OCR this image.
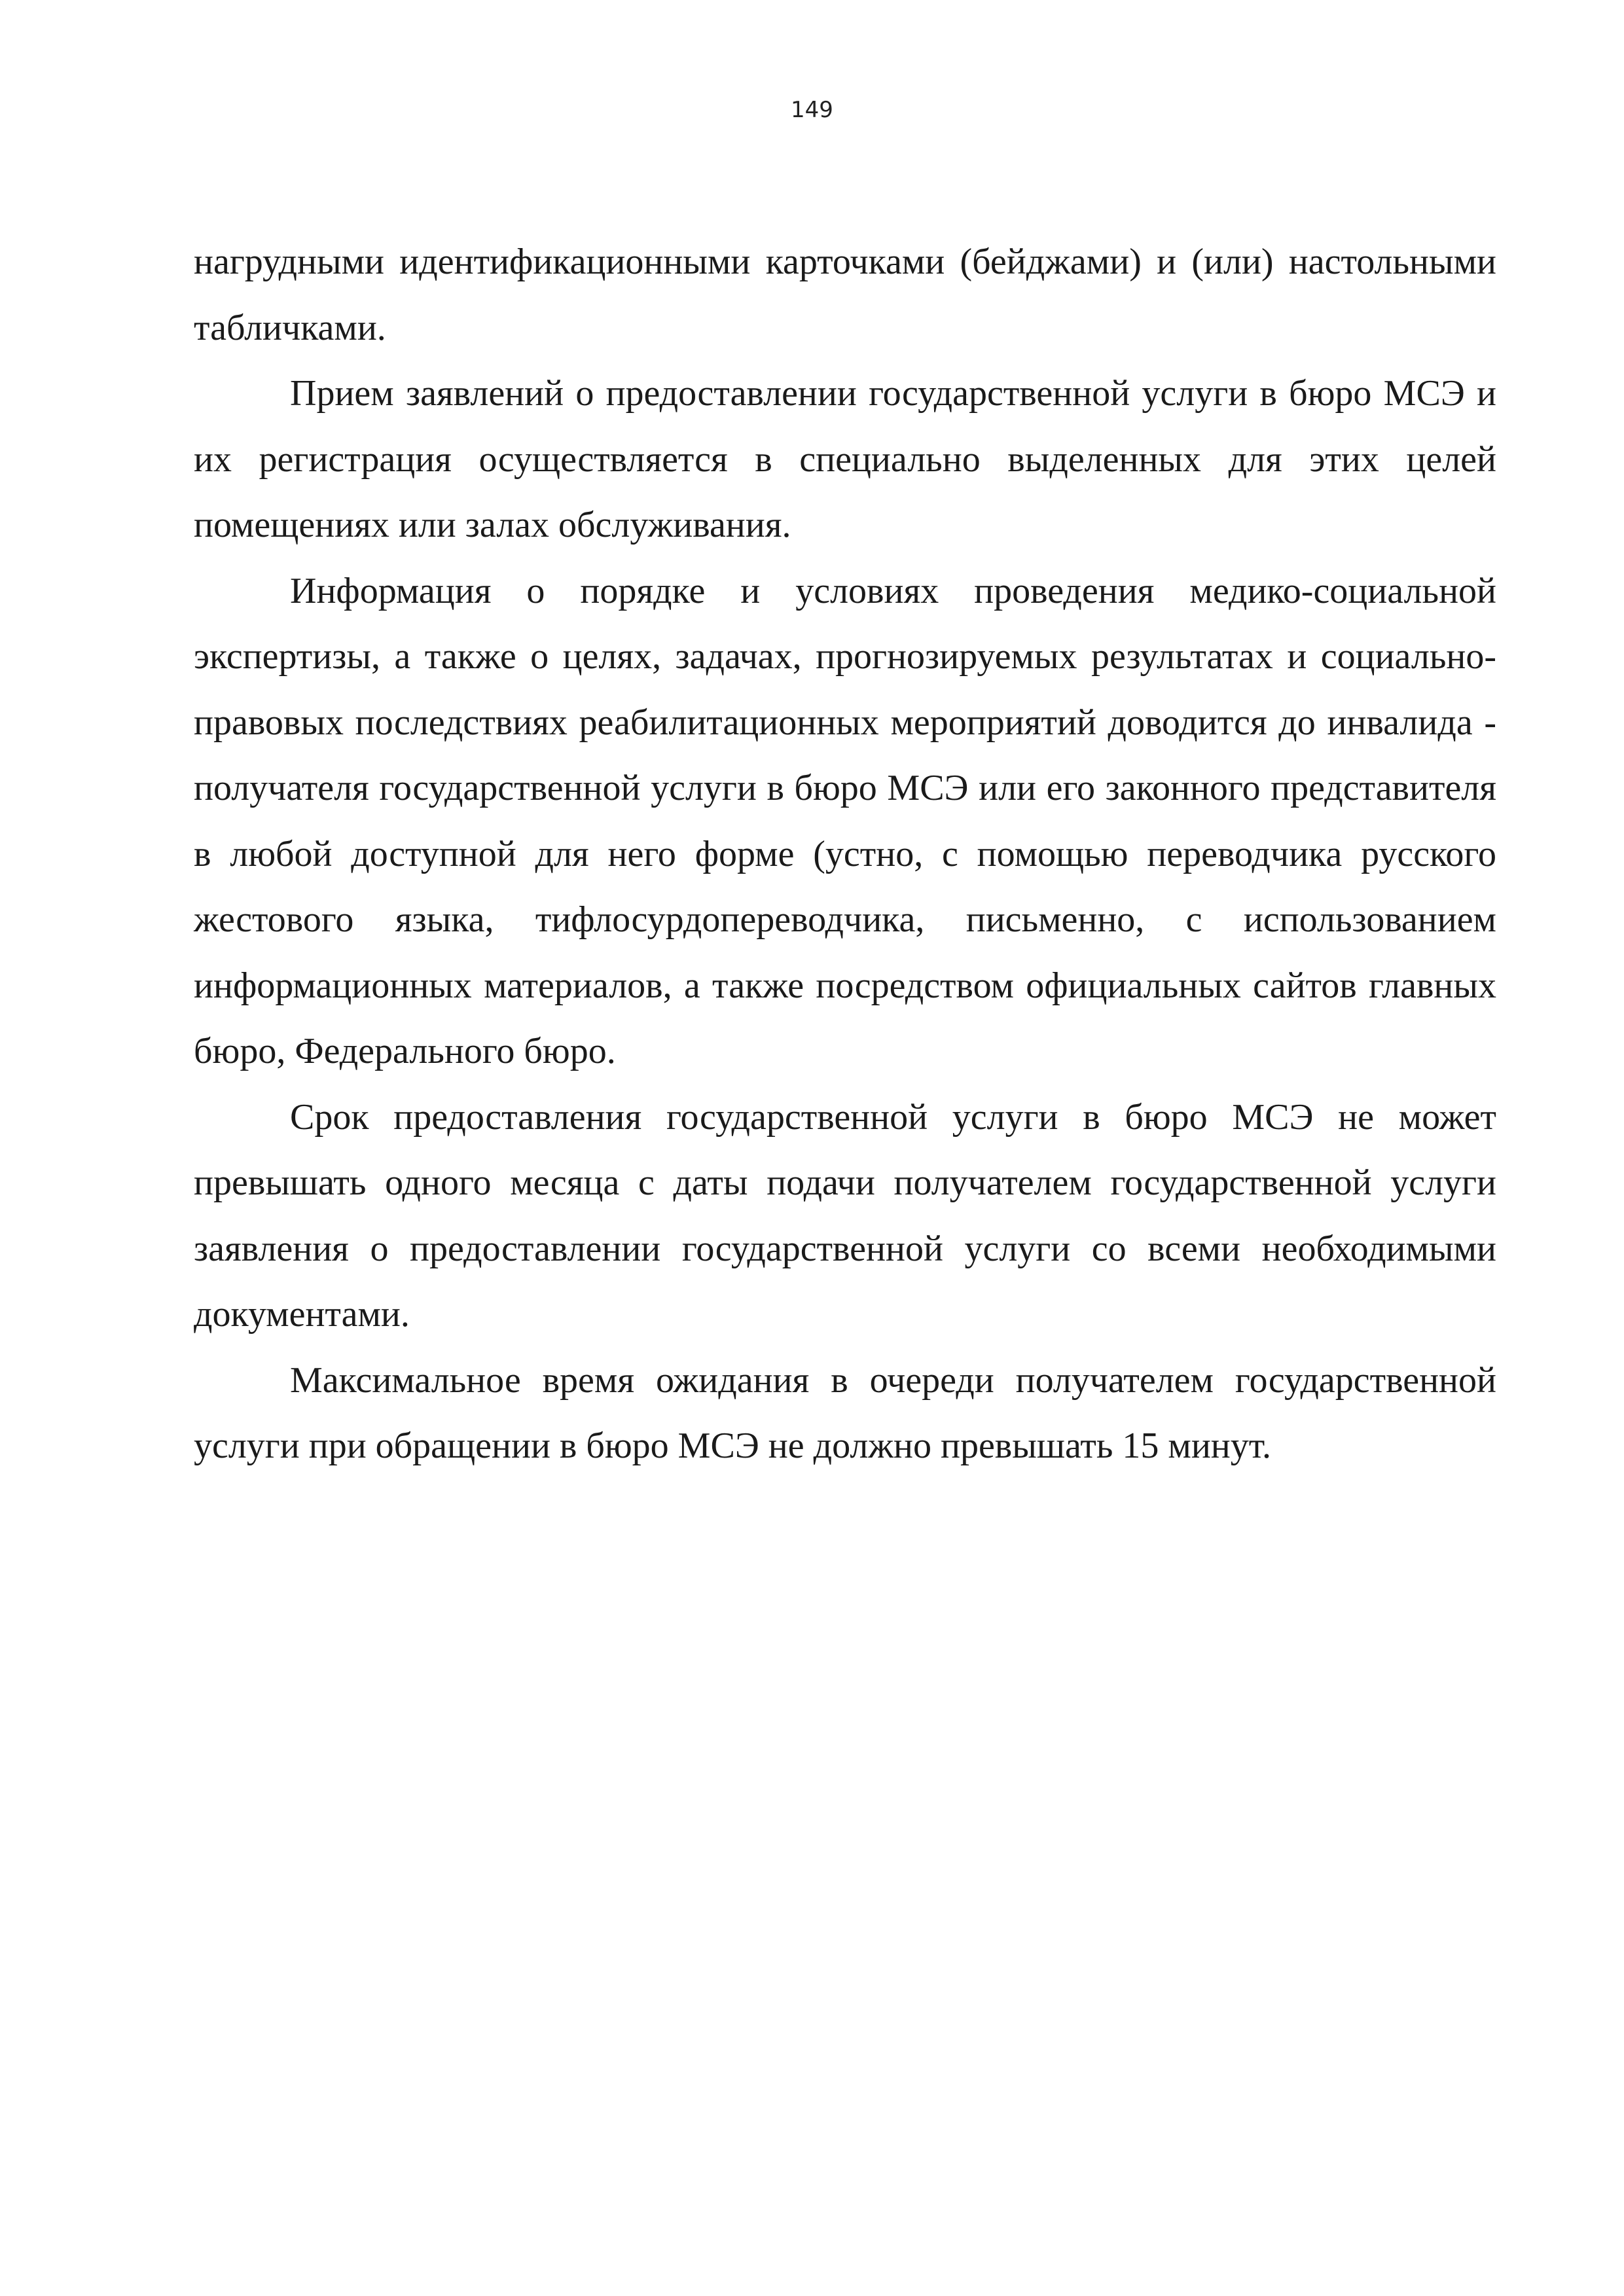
149

нагрудными идентификационными карточками (бейджами) и (или) настольными табличками.

Прием заявлений о предоставлении государственной услуги в бюро МСЭ и их регистрация осуществляется в специально выделенных для этих целей помещениях или залах обслуживания.

Информация о порядке и условиях проведения медико-социальной экспертизы, а также о целях, задачах, прогнозируемых результатах и социально-правовых последствиях реабилитационных мероприятий доводится до инвалида - получателя государственной услуги в бюро МСЭ или его законного представителя в любой доступной для него форме (устно, с помощью переводчика русского жестового языка, тифлосурдопереводчика, письменно, с использованием информационных материалов, а также посредством официальных сайтов главных бюро, Федерального бюро.

Срок предоставления государственной услуги в бюро МСЭ не может превышать одного месяца с даты подачи получателем государственной услуги заявления о предоставлении государственной услуги со всеми необходимыми документами.

Максимальное время ожидания в очереди получателем государственной услуги при обращении в бюро МСЭ не должно превышать 15 минут.
